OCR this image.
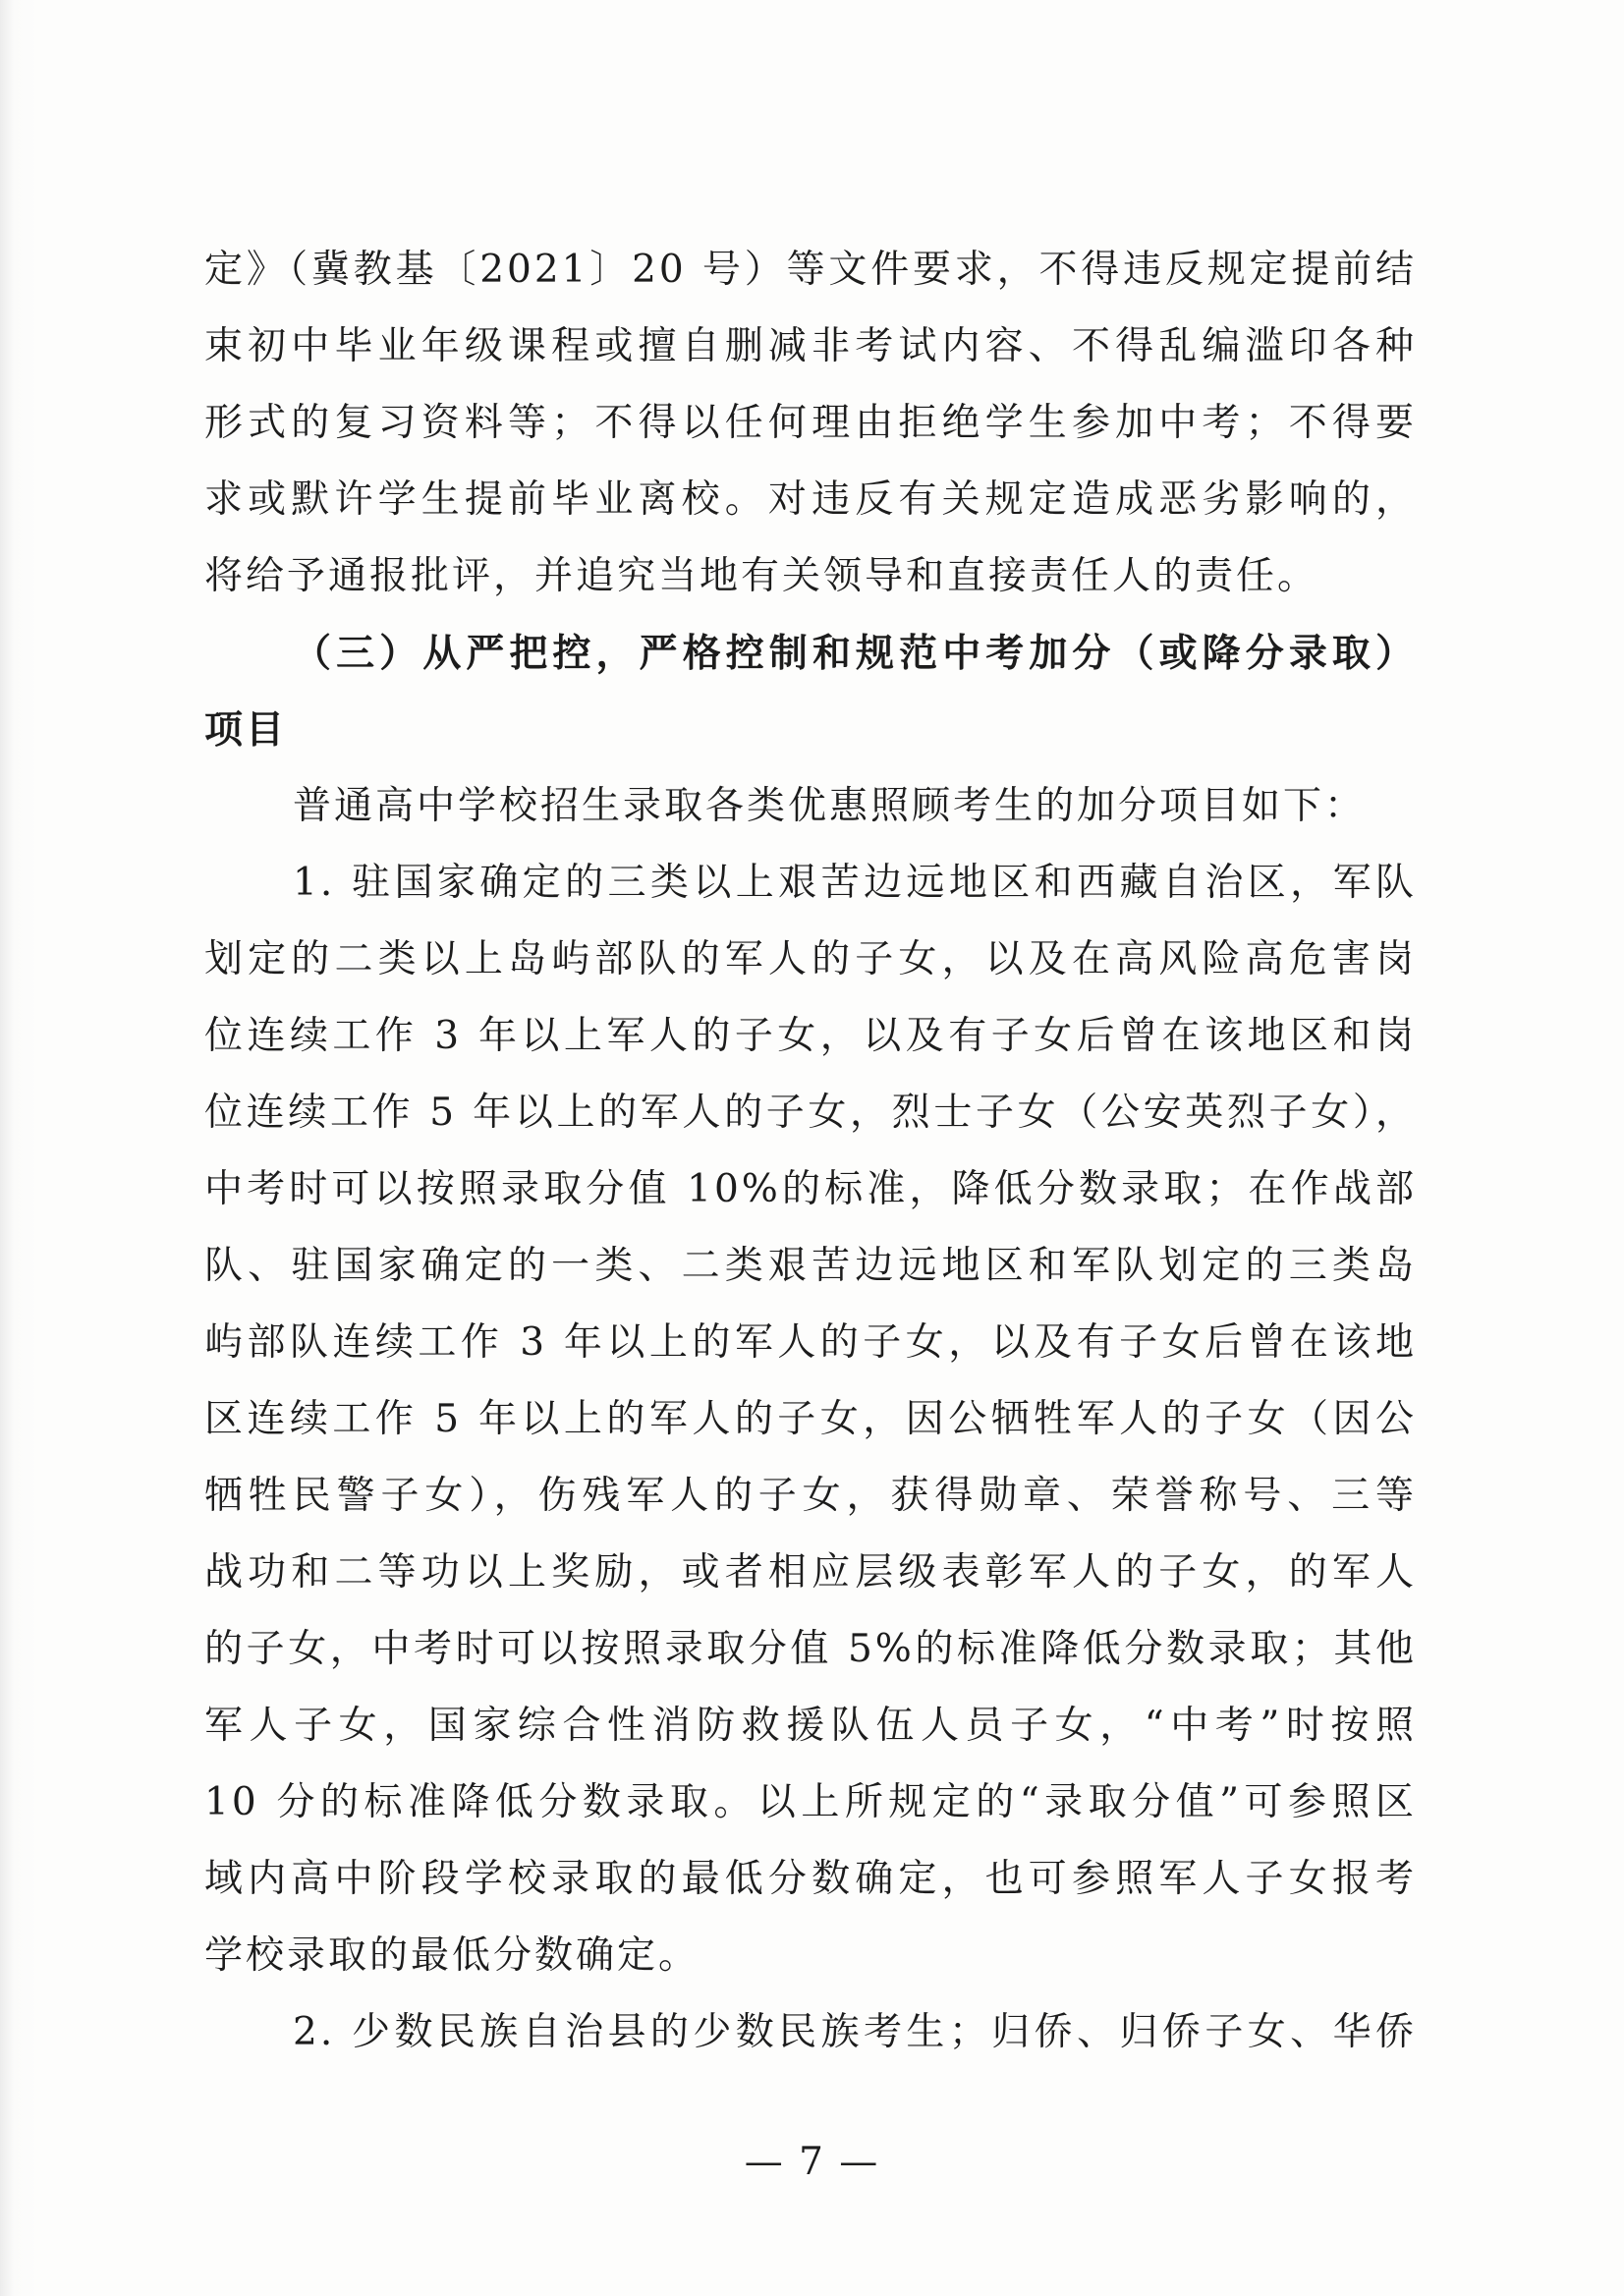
定》（冀教基〔2021〕20 号）等文件要求，不得违反规定提前结
束初中毕业年级课程或擅自删减非考试内容、不得乱编滥印各种
形式的复习资料等；不得以任何理由拒绝学生参加中考；不得要
求或默许学生提前毕业离校。对违反有关规定造成恶劣影响的，
将给予通报批评，并追究当地有关领导和直接责任人的责任。
（三）从严把控，严格控制和规范中考加分（或降分录取）
项目
普通高中学校招生录取各类优惠照顾考生的加分项目如下：
1. 驻国家确定的三类以上艰苦边远地区和西藏自治区，军队
划定的二类以上岛屿部队的军人的子女，以及在高风险高危害岗
位连续工作 3 年以上军人的子女，以及有子女后曾在该地区和岗
位连续工作 5 年以上的军人的子女，烈士子女（公安英烈子女），
中考时可以按照录取分值 10%的标准，降低分数录取；在作战部
队、驻国家确定的一类、二类艰苦边远地区和军队划定的三类岛
屿部队连续工作 3 年以上的军人的子女，以及有子女后曾在该地
区连续工作 5 年以上的军人的子女，因公牺牲军人的子女（因公
牺牲民警子女），伤残军人的子女，获得勋章、荣誉称号、三等
战功和二等功以上奖励，或者相应层级表彰军人的子女，的军人
的子女，中考时可以按照录取分值 5%的标准降低分数录取；其他
军人子女，国家综合性消防救援队伍人员子女，“中考”时按照
10 分的标准降低分数录取。以上所规定的“录取分值”可参照区
域内高中阶段学校录取的最低分数确定，也可参照军人子女报考
学校录取的最低分数确定。
2. 少数民族自治县的少数民族考生；归侨、归侨子女、华侨
— 7 —
